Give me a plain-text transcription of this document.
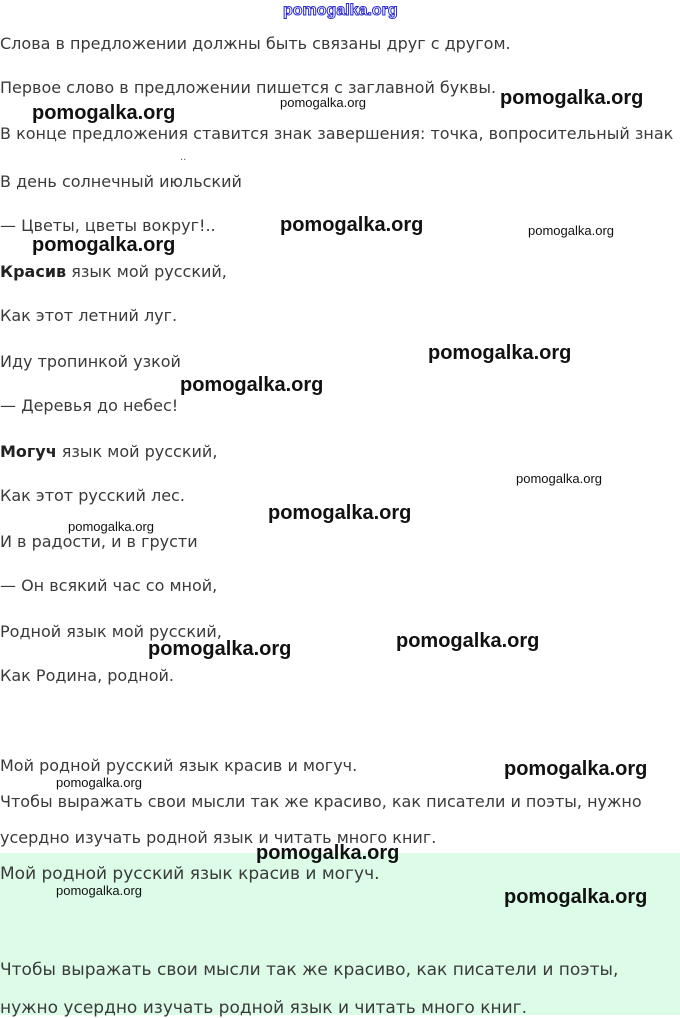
pomogalka.org
Слова в предложении должны быть связаны друг с другом.
Первое слово в предложении пишется с заглавной буквы.
В конце предложения ставится знак завершения: точка, вопросительный знак
..
В день солнечный июльский
— Цветы, цветы вокруг!..
Красив язык мой русский,
Как этот летний луг.
Иду тропинкой узкой
— Деревья до небес!
Могуч язык мой русский,
Как этот русский лес.
И в радости, и в грусти
— Он всякий час со мной,
Родной язык мой русский,
Как Родина, родной.
Мой родной русский язык красив и могуч.
Чтобы выражать свои мысли так же красиво, как писатели и поэты, нужно
усердно изучать родной язык и читать много книг.
Мой родной русский язык красив и могуч.
Чтобы выражать свои мысли так же красиво, как писатели и поэты,
нужно усердно изучать родной язык и читать много книг.
pomogalka.org	pomogalka.org	pomogalka.org
pomogalka.org	pomogalka.org
pomogalka.org
pomogalka.org
pomogalka.org
pomogalka.org
pomogalka.org
pomogalka.org
pomogalka.org
pomogalka.org
pomogalka.org
pomogalka.org
pomogalka.org
pomogalka.org	pomogalka.org
